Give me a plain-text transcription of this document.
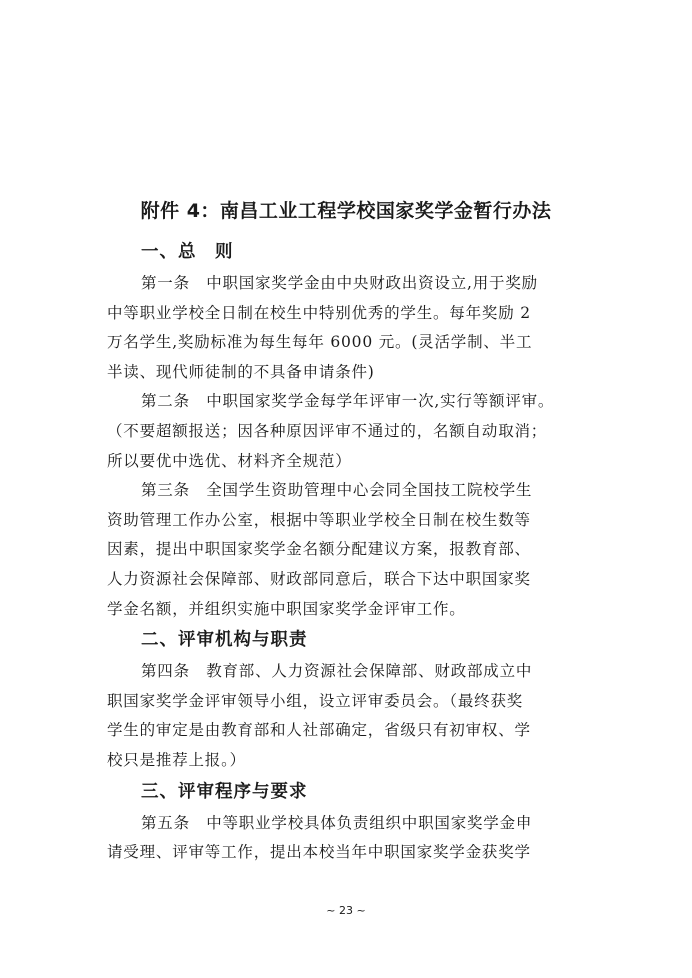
附件 4：南昌工业工程学校国家奖学金暂行办法
一、总　则

第一条　中职国家奖学金由中央财政出资设立,用于奖励
中等职业学校全日制在校生中特别优秀的学生。每年奖励 2
万名学生,奖励标准为每生每年 6000 元。(灵活学制、半工
半读、现代师徒制的不具备申请条件)

第二条　中职国家奖学金每学年评审一次,实行等额评审。
（不要超额报送；因各种原因评审不通过的，名额自动取消；
所以要优中选优、材料齐全规范）

第三条　全国学生资助管理中心会同全国技工院校学生
资助管理工作办公室，根据中等职业学校全日制在校生数等
因素，提出中职国家奖学金名额分配建议方案，报教育部、
人力资源社会保障部、财政部同意后，联合下达中职国家奖
学金名额，并组织实施中职国家奖学金评审工作。

二、评审机构与职责

第四条　教育部、人力资源社会保障部、财政部成立中
职国家奖学金评审领导小组，设立评审委员会。（最终获奖
学生的审定是由教育部和人社部确定，省级只有初审权、学
校只是推荐上报。）

三、评审程序与要求

第五条　中等职业学校具体负责组织中职国家奖学金申
请受理、评审等工作，提出本校当年中职国家奖学金获奖学

~ 23 ~
